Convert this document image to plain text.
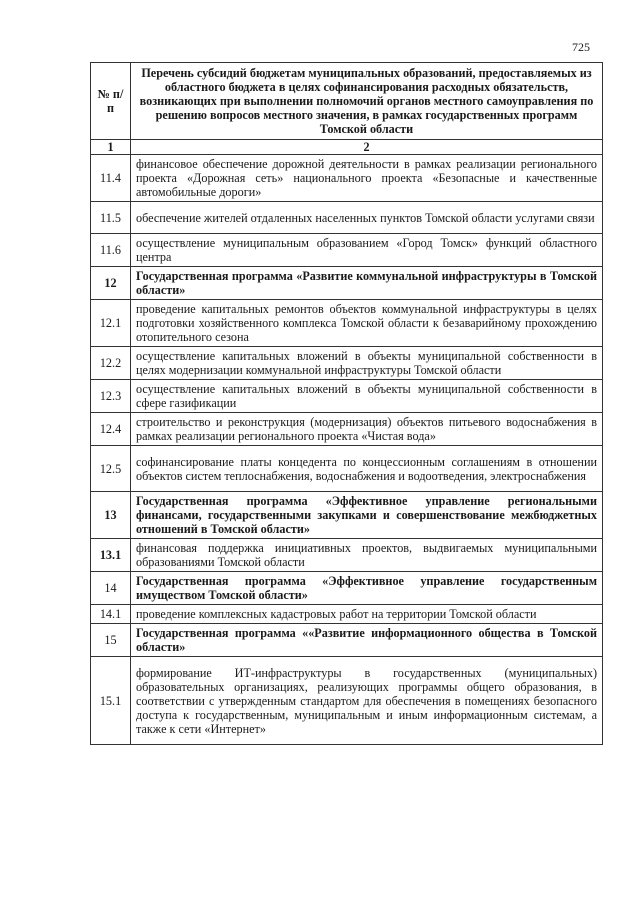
725
№ п/п	Перечень субсидий бюджетам муниципальных образований, предоставляемых из областного бюджета в целях софинансирования расходных обязательств, возникающих при выполнении полномочий органов местного самоуправления по решению вопросов местного значения, в рамках государственных программ Томской области
1	2
11.4	финансовое обеспечение дорожной деятельности в рамках реализации регионального проекта «Дорожная сеть» национального проекта «Безопасные и качественные автомобильные дороги»
11.5	обеспечение жителей отдаленных населенных пунктов Томской области услугами связи
11.6	осуществление муниципальным образованием «Город Томск» функций областного центра
12	Государственная программа «Развитие коммунальной инфраструктуры в Томской области»
12.1	проведение капитальных ремонтов объектов коммунальной инфраструктуры в целях подготовки хозяйственного комплекса Томской области к безаварийному прохождению отопительного сезона
12.2	осуществление капитальных вложений в объекты муниципальной собственности в целях модернизации коммунальной инфраструктуры Томской области
12.3	осуществление капитальных вложений в объекты муниципальной собственности в сфере газификации
12.4	строительство и реконструкция (модернизация) объектов питьевого водоснабжения в рамках реализации регионального проекта «Чистая вода»
12.5	софинансирование платы концедента по концессионным соглашениям в отношении объектов систем теплоснабжения, водоснабжения и водоотведения, электроснабжения
13	Государственная программа «Эффективное управление региональными финансами, государственными закупками и совершенствование межбюджетных отношений в Томской области»
13.1	финансовая поддержка инициативных проектов, выдвигаемых муниципальными образованиями Томской области
14	Государственная программа «Эффективное управление государственным имуществом Томской области»
14.1	проведение комплексных кадастровых работ на территории Томской области
15	Государственная программа ««Развитие информационного общества в Томской области»
15.1	формирование ИТ-инфраструктуры в государственных (муниципальных) образовательных организациях, реализующих программы общего образования, в соответствии с утвержденным стандартом для обеспечения в помещениях безопасного доступа к государственным, муниципальным и иным информационным системам, а также к сети «Интернет»
